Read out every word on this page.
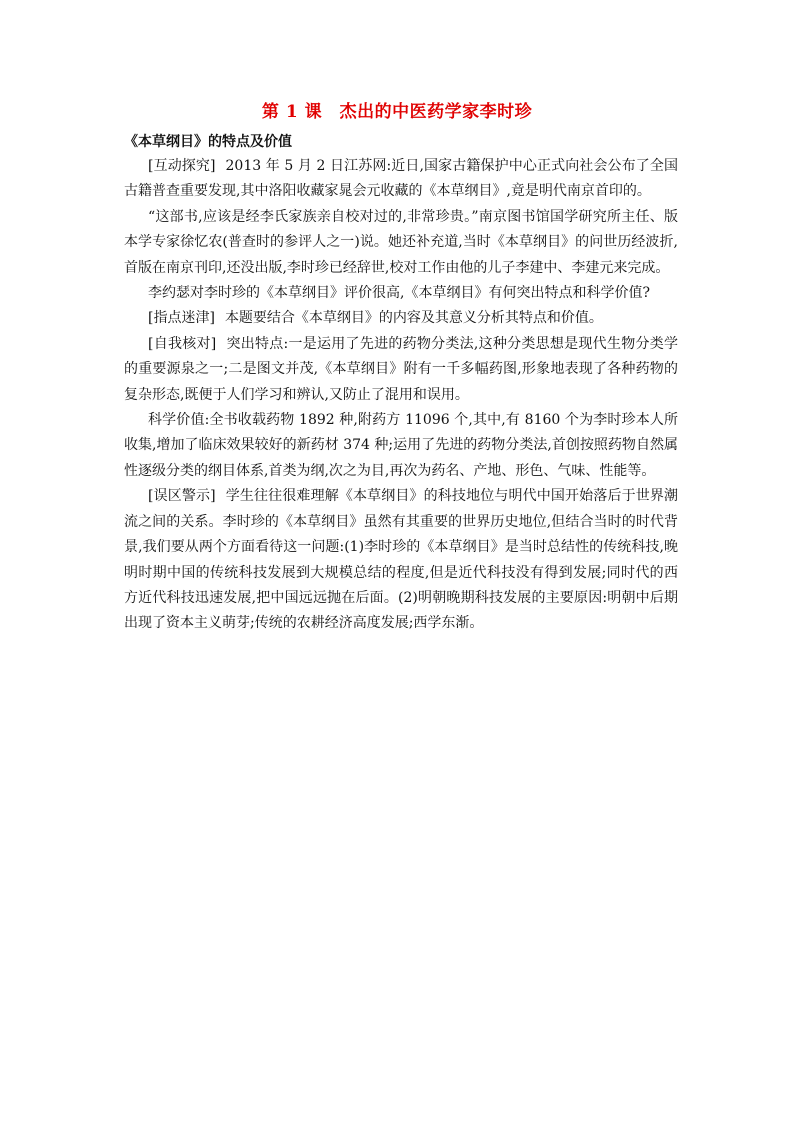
第 1 课　杰出的中医药学家李时珍
《本草纲目》的特点及价值

[互动探究] 2013 年 5 月 2 日江苏网:近日,国家古籍保护中心正式向社会公布了全国古籍普查重要发现,其中洛阳收藏家晁会元收藏的《本草纲目》,竟是明代南京首印的。

“这部书,应该是经李氏家族亲自校对过的,非常珍贵。”南京图书馆国学研究所主任、版本学专家徐忆农(普查时的参评人之一)说。她还补充道,当时《本草纲目》的问世历经波折,首版在南京刊印,还没出版,李时珍已经辞世,校对工作由他的儿子李建中、李建元来完成。

李约瑟对李时珍的《本草纲目》评价很高,《本草纲目》有何突出特点和科学价值?

[指点迷津] 本题要结合《本草纲目》的内容及其意义分析其特点和价值。

[自我核对] 突出特点:一是运用了先进的药物分类法,这种分类思想是现代生物分类学的重要源泉之一;二是图文并茂,《本草纲目》附有一千多幅药图,形象地表现了各种药物的复杂形态,既便于人们学习和辨认,又防止了混用和误用。

科学价值:全书收载药物 1892 种,附药方 11096 个,其中,有 8160 个为李时珍本人所收集,增加了临床效果较好的新药材 374 种;运用了先进的药物分类法,首创按照药物自然属性逐级分类的纲目体系,首类为纲,次之为目,再次为药名、产地、形色、气味、性能等。

[误区警示] 学生往往很难理解《本草纲目》的科技地位与明代中国开始落后于世界潮流之间的关系。李时珍的《本草纲目》虽然有其重要的世界历史地位,但结合当时的时代背景,我们要从两个方面看待这一问题:(1)李时珍的《本草纲目》是当时总结性的传统科技,晚明时期中国的传统科技发展到大规模总结的程度,但是近代科技没有得到发展;同时代的西方近代科技迅速发展,把中国远远抛在后面。(2)明朝晚期科技发展的主要原因:明朝中后期出现了资本主义萌芽;传统的农耕经济高度发展;西学东渐。
